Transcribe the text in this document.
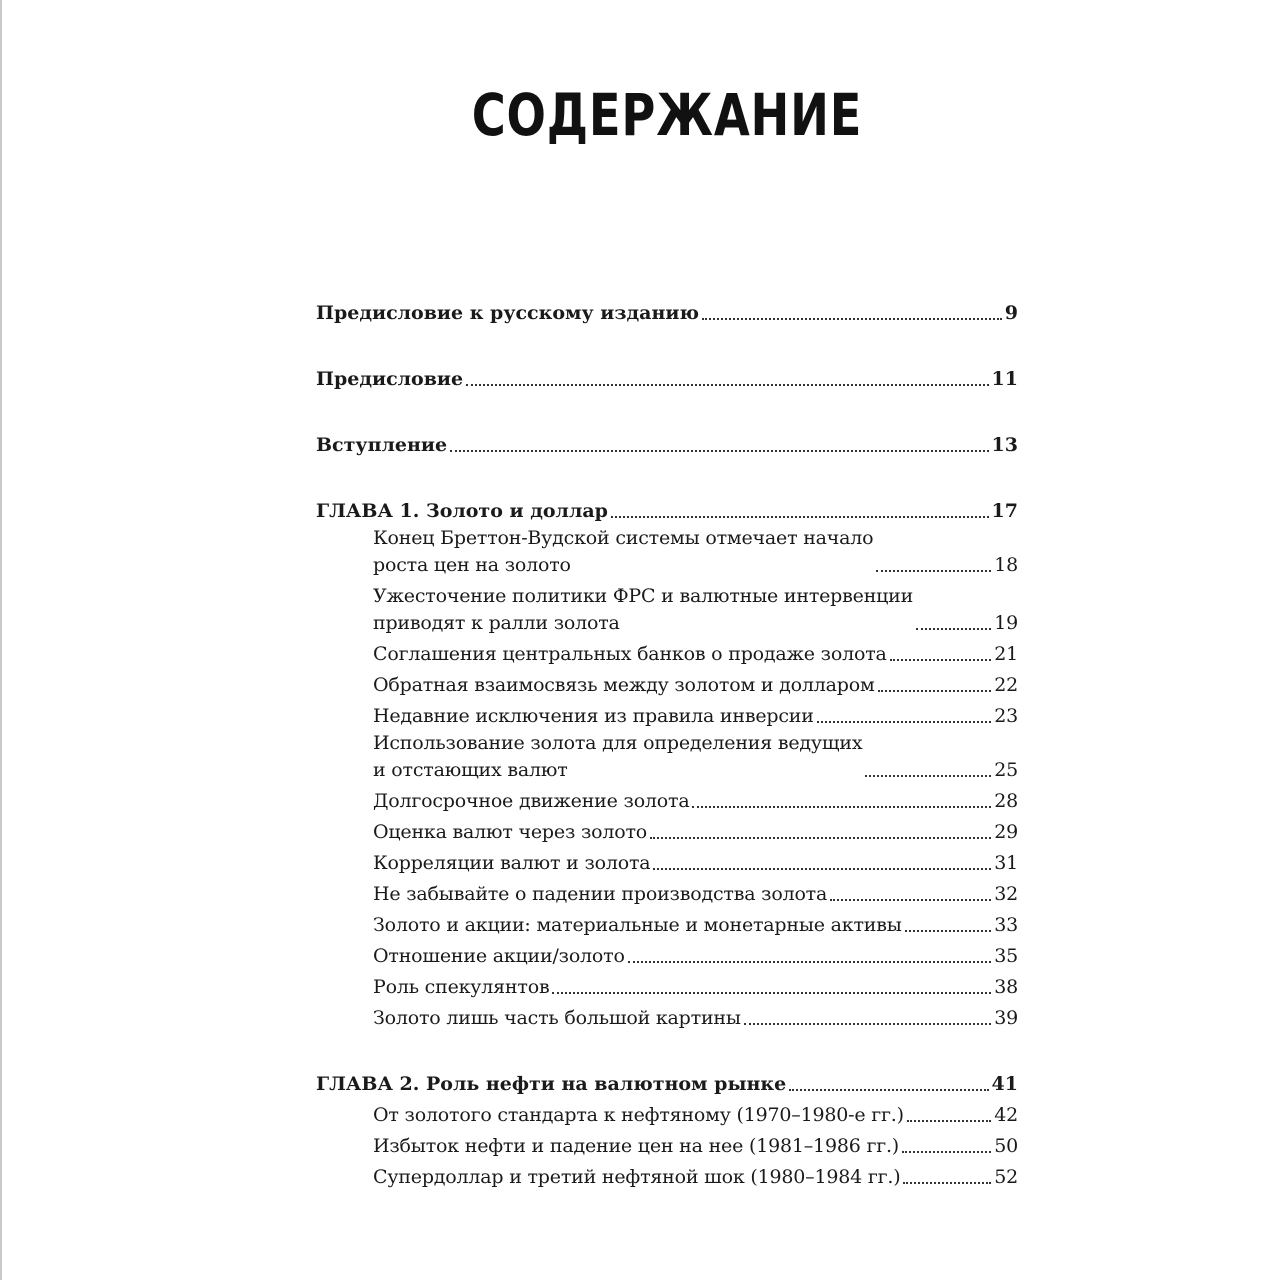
СОДЕРЖАНИЕ
Предисловие к русскому изданию	9
Предисловие	11
Вступление	13
ГЛАВА 1. Золото и доллар	17
Конец Бреттон-Вудской системы отмечает начало
роста цен на золото	18
Ужесточение политики ФРС и валютные интервенции
приводят к ралли золота	19
Соглашения центральных банков о продаже золота	21
Обратная взаимосвязь между золотом и долларом	22
Недавние исключения из правила инверсии	23
Использование золота для определения ведущих
и отстающих валют	25
Долгосрочное движение золота	28
Оценка валют через золото	29
Корреляции валют и золота	31
Не забывайте о падении производства золота	32
Золото и акции: материальные и монетарные активы	33
Отношение акции/золото	35
Роль спекулянтов	38
Золото лишь часть большой картины	39
ГЛАВА 2. Роль нефти на валютном рынке	41
От золотого стандарта к нефтяному (1970–1980-е гг.)	42
Избыток нефти и падение цен на нее (1981–1986 гг.)	50
Супердоллар и третий нефтяной шок (1980–1984 гг.)	52
